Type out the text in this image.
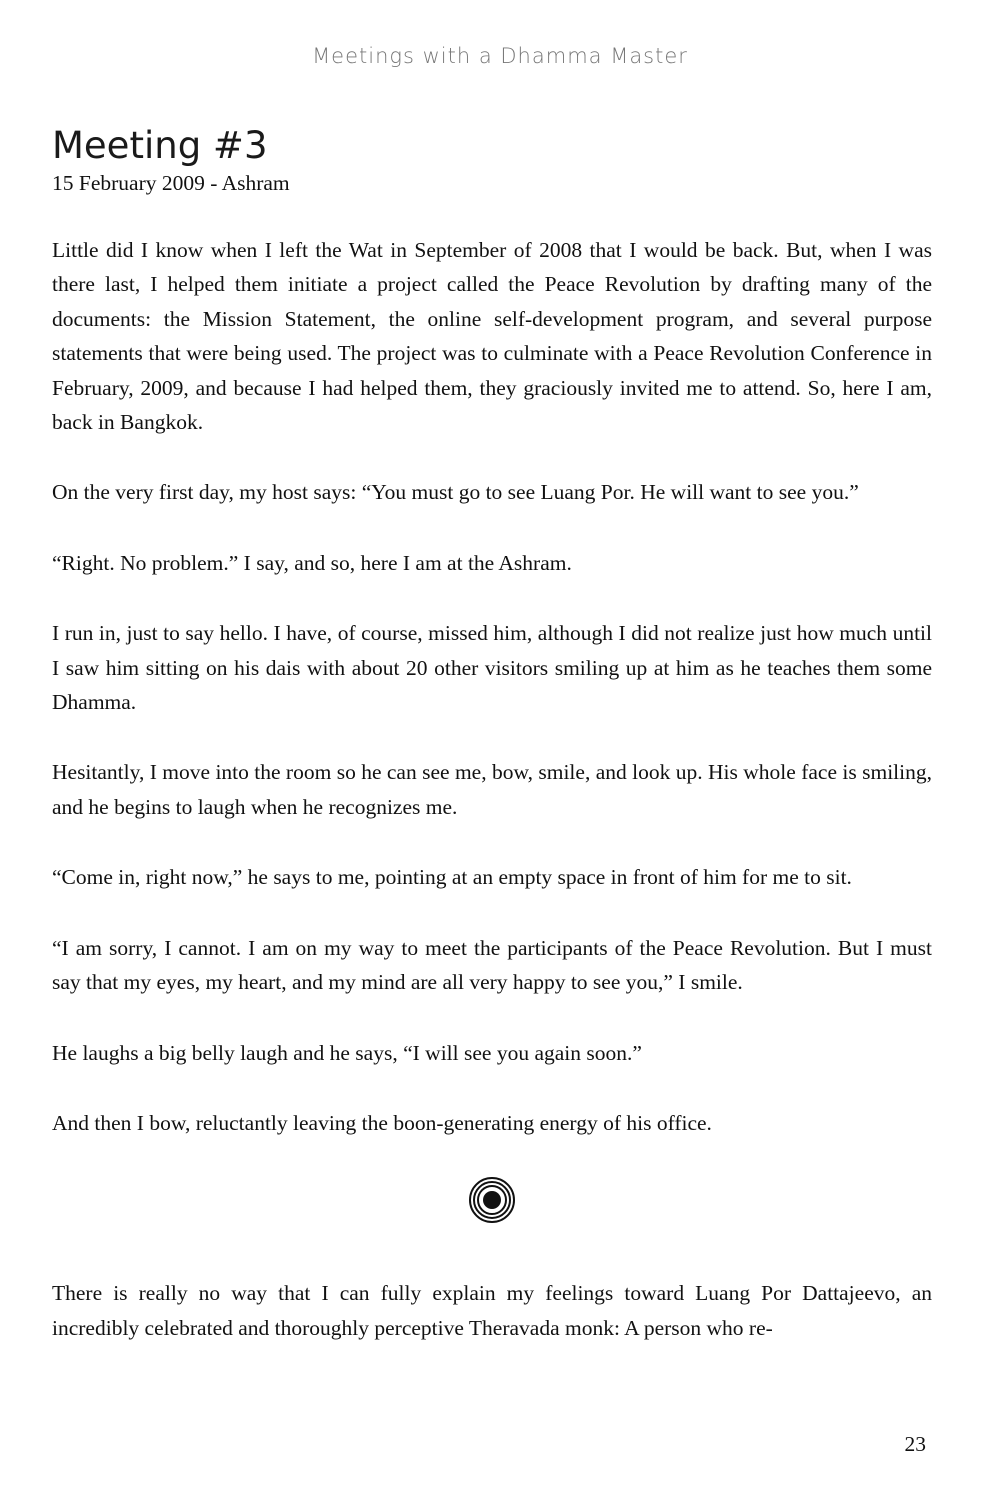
Meetings with a Dhamma Master
Meeting #3
15 February 2009 - Ashram

Little did I know when I left the Wat in September of 2008 that I would be back. But, when I was there last, I helped them initiate a project called the Peace Revolution by drafting many of the documents: the Mission Statement, the online self-development program, and several purpose statements that were being used. The project was to culminate with a Peace Revolution Conference in February, 2009, and because I had helped them, they graciously invited me to attend. So, here I am, back in Bangkok.

On the very first day, my host says: “You must go to see Luang Por. He will want to see you.”

“Right. No problem.” I say, and so, here I am at the Ashram.

I run in, just to say hello. I have, of course, missed him, although I did not realize just how much until I saw him sitting on his dais with about 20 other visitors smiling up at him as he teaches them some Dhamma.

Hesitantly, I move into the room so he can see me, bow, smile, and look up. His whole face is smiling, and he begins to laugh when he recognizes me.

“Come in, right now,” he says to me, pointing at an empty space in front of him for me to sit.

“I am sorry, I cannot. I am on my way to meet the participants of the Peace Revolution. But I must say that my eyes, my heart, and my mind are all very happy to see you,” I smile.

He laughs a big belly laugh and he says, “I will see you again soon.”

And then I bow, reluctantly leaving the boon-generating energy of his office.

There is really no way that I can fully explain my feelings toward Luang Por Dattajeevo, an incredibly celebrated and thoroughly perceptive Theravada monk: A person who re-

23
